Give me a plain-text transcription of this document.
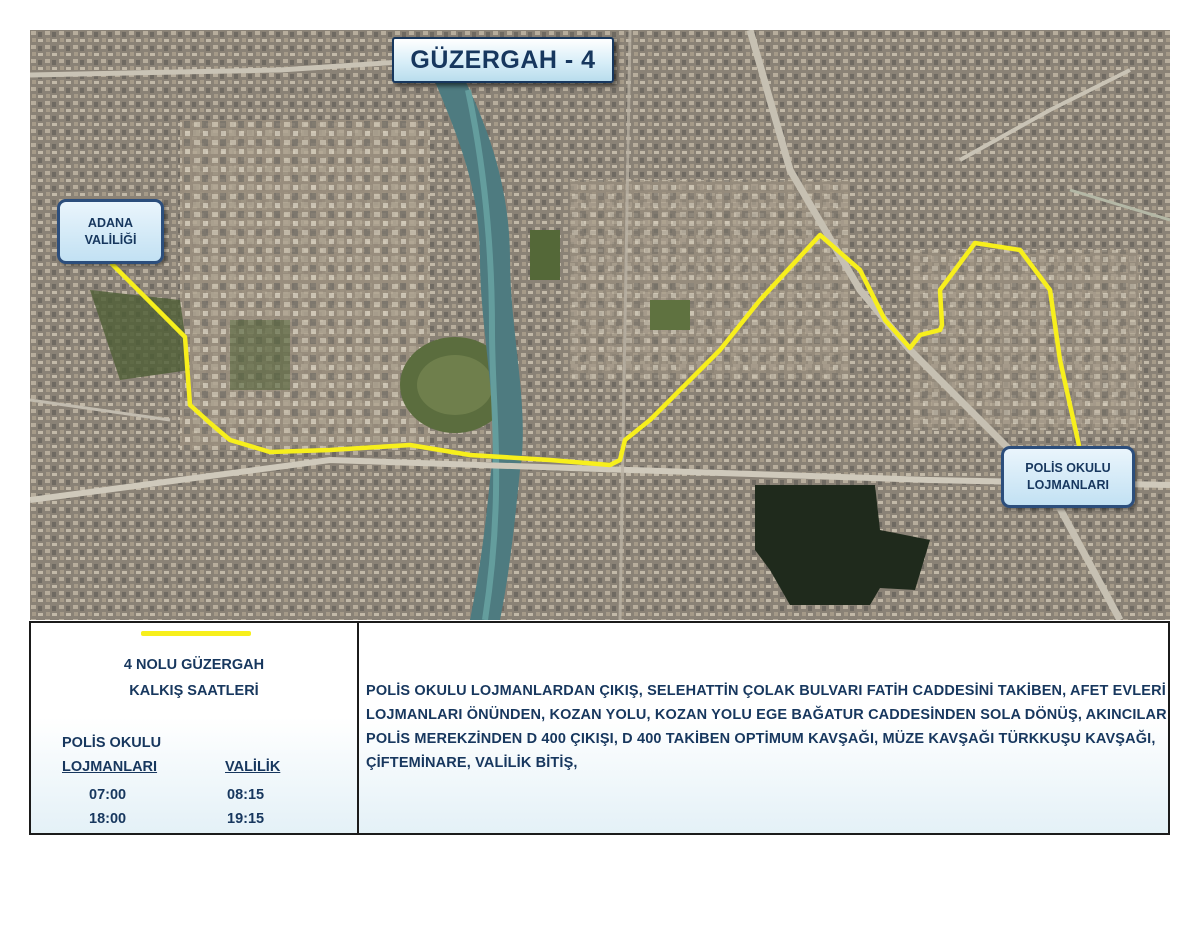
GÜZERGAH - 4
ADANA
VALİLİĞİ
POLİS OKULU
LOJMANLARI
4 NOLU GÜZERGAH
KALKIŞ SAATLERİ
POLİS OKULU
LOJMANLARI	VALİLİK
07:00	08:15
18:00	19:15
POLİS OKULU LOJMANLARDAN ÇIKIŞ, SELEHATTİN ÇOLAK BULVARI FATİH CADDESİNİ TAKİBEN, AFET EVLERİ LOJMANLARI ÖNÜNDEN, KOZAN YOLU, KOZAN YOLU EGE BAĞATUR CADDESİNDEN SOLA DÖNÜŞ, AKINCILAR POLİS MEREKZİNDEN D 400 ÇIKIŞI, D 400 TAKİBEN OPTİMUM KAVŞAĞI, MÜZE KAVŞAĞI TÜRKKUŞU KAVŞAĞI, ÇİFTEMİNARE, VALİLİK BİTİŞ,
